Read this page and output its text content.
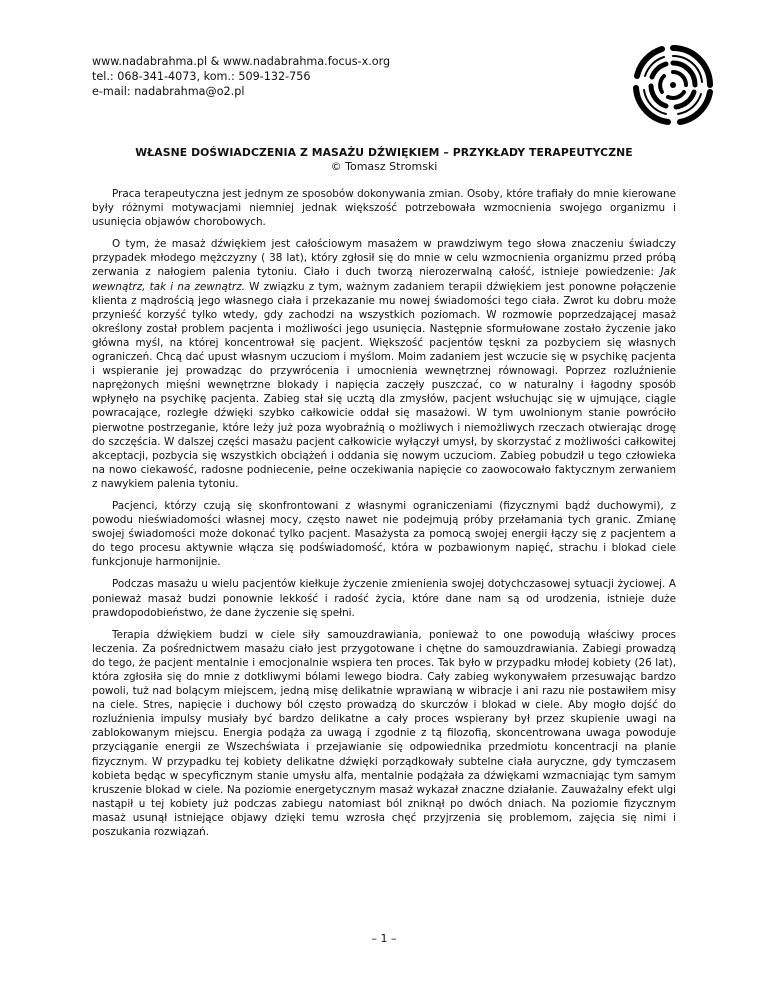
www.nadabrahma.pl & www.nadabrahma.focus-x.org
tel.: 068-341-4073, kom.: 509-132-756
e-mail: nadabrahma@o2.pl
WŁASNE DOŚWIADCZENIA Z MASAŻU DŹWIĘKIEM – PRZYKŁADY TERAPEUTYCZNE
© Tomasz Stromski

Praca terapeutyczna jest jednym ze sposobów dokonywania zmian. Osoby, które trafiały do mnie kierowane były różnymi motywacjami niemniej jednak większość potrzebowała wzmocnienia swojego organizmu i usunięcia objawów chorobowych.

O tym, że masaż dźwiękiem jest całościowym masażem w prawdziwym tego słowa znaczeniu świadczy przypadek młodego mężczyzny ( 38 lat), który zgłosił się do mnie w celu wzmocnienia organizmu przed próbą zerwania z nałogiem palenia tytoniu. Ciało i duch tworzą nierozerwalną całość, istnieje powiedzenie: Jak wewnątrz, tak i na zewnątrz. W związku z tym, ważnym zadaniem terapii dźwiękiem jest ponowne połączenie klienta z mądrością jego własnego ciała i przekazanie mu nowej świadomości tego ciała. Zwrot ku dobru może przynieść korzyść tylko wtedy, gdy zachodzi na wszystkich poziomach. W rozmowie poprzedzającej masaż określony został problem pacjenta i możliwości jego usunięcia. Następnie sformułowane zostało życzenie jako główna myśl, na której koncentrował się pacjent. Większość pacjentów tęskni za pozbyciem się własnych ograniczeń. Chcą dać upust własnym uczuciom i myślom. Moim zadaniem jest wczucie się w psychikę pacjenta i wspieranie jej prowadząc do przywrócenia i umocnienia wewnętrznej równowagi. Poprzez rozluźnienie naprężonych mięśni wewnętrzne blokady i napięcia zaczęły puszczać, co w naturalny i łagodny sposób wpłynęło na psychikę pacjenta. Zabieg stał się ucztą dla zmysłów, pacjent wsłuchując się w ujmujące, ciągle powracające, rozległe dźwięki szybko całkowicie oddał się masażowi. W tym uwolnionym stanie powróciło pierwotne postrzeganie, które leży już poza wyobraźnią o możliwych i niemożliwych rzeczach otwierając drogę do szczęścia. W dalszej części masażu pacjent całkowicie wyłączył umysł, by skorzystać z możliwości całkowitej akceptacji, pozbycia się wszystkich obciążeń i oddania się nowym uczuciom. Zabieg pobudził u tego człowieka na nowo ciekawość, radosne podniecenie, pełne oczekiwania napięcie co zaowocowało faktycznym zerwaniem z nawykiem palenia tytoniu.

Pacjenci, którzy czują się skonfrontowani z własnymi ograniczeniami (fizycznymi bądź duchowymi), z powodu nieświadomości własnej mocy, często nawet nie podejmują próby przełamania tych granic. Zmianę swojej świadomości może dokonać tylko pacjent. Masażysta za pomocą swojej energii łączy się z pacjentem a do tego procesu aktywnie włącza się podświadomość, która w pozbawionym napięć, strachu i blokad ciele funkcjonuje harmonijnie.

Podczas masażu u wielu pacjentów kiełkuje życzenie zmienienia swojej dotychczasowej sytuacji życiowej. A ponieważ masaż budzi ponownie lekkość i radość życia, które dane nam są od urodzenia, istnieje duże prawdopodobieństwo, że dane życzenie się spełni.

Terapia dźwiękiem budzi w ciele siły samouzdrawiania, ponieważ to one powodują właściwy proces leczenia. Za pośrednictwem masażu ciało jest przygotowane i chętne do samouzdrawiania. Zabiegi prowadzą do tego, że pacjent mentalnie i emocjonalnie wspiera ten proces. Tak było w przypadku młodej kobiety (26 lat), która zgłosiła się do mnie z dotkliwymi bólami lewego biodra. Cały zabieg wykonywałem przesuwając bardzo powoli, tuż nad bolącym miejscem, jedną misę delikatnie wprawianą w wibracje i ani razu nie postawiłem misy na ciele. Stres, napięcie i duchowy ból często prowadzą do skurczów i blokad w ciele. Aby mogło dojść do rozluźnienia impulsy musiały być bardzo delikatne a cały proces wspierany był przez skupienie uwagi na zablokowanym miejscu. Energia podąża za uwagą i zgodnie z tą filozofią, skoncentrowana uwaga powoduje przyciąganie energii ze Wszechświata i przejawianie się odpowiednika przedmiotu koncentracji na planie fizycznym. W przypadku tej kobiety delikatne dźwięki porządkowały subtelne ciała auryczne, gdy tymczasem kobieta będąc w specyficznym stanie umysłu alfa, mentalnie podążała za dźwiękami wzmacniając tym samym kruszenie blokad w ciele. Na poziomie energetycznym masaż wykazał znaczne działanie. Zauważalny efekt ulgi nastąpił u tej kobiety już podczas zabiegu natomiast ból zniknął po dwóch dniach. Na poziomie fizycznym masaż usunął istniejące objawy dzięki temu wzrosła chęć przyjrzenia się problemom, zajęcia się nimi i poszukania rozwiązań.

– 1 –
